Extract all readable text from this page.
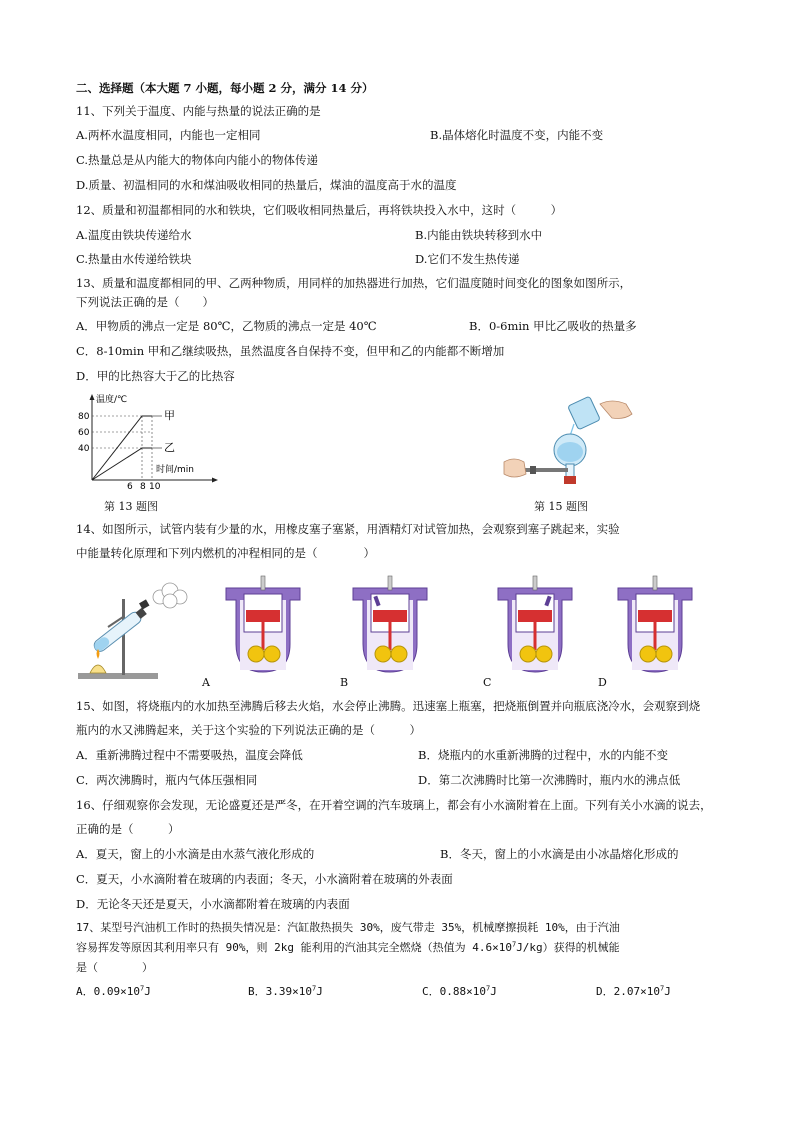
二、选择题（本大题 7 小题，每小题 2 分，满分 14 分）
11、下列关于温度、内能与热量的说法正确的是
A.两杯水温度相同，内能也一定相同	B.晶体熔化时温度不变，内能不变
C.热量总是从内能大的物体向内能小的物体传递
D.质量、初温相同的水和煤油吸收相同的热量后，煤油的温度高于水的温度
12、质量和初温都相同的水和铁块，它们吸收相同热量后，再将铁块投入水中，这时（　　　）
A.温度由铁块传递给水	B.内能由铁块转移到水中
C.热量由水传递给铁块	D.它们不发生热传递
13、质量和温度都相同的甲、乙两种物质，用同样的加热器进行加热，它们温度随时间变化的图象如图所示，
下列说法正确的是（　　）
A．甲物质的沸点一定是 80℃，乙物质的沸点一定是 40℃	B．0-6min 甲比乙吸收的热量多
C．8-10min 甲和乙继续吸热，虽然温度各自保持不变，但甲和乙的内能都不断增加
D．甲的比热容大于乙的比热容
温度/℃
时间/min
80
60
40
6 8 10
甲
乙
第 13 题图	第 15 题图
14、如图所示，试管内装有少量的水，用橡皮塞子塞紧，用酒精灯对试管加热，会观察到塞子跳起来，实验
中能量转化原理和下列内燃机的冲程相同的是（　　　　）
A	B	C	D
15、如图，将烧瓶内的水加热至沸腾后移去火焰，水会停止沸腾。迅速塞上瓶塞，把烧瓶倒置并向瓶底浇冷水，会观察到烧
瓶内的水又沸腾起来，关于这个实验的下列说法正确的是（　　　）
A．重新沸腾过程中不需要吸热，温度会降低	B．烧瓶内的水重新沸腾的过程中，水的内能不变
C．两次沸腾时，瓶内气体压强相同	D．第二次沸腾时比第一次沸腾时，瓶内水的沸点低
16、仔细观察你会发现，无论盛夏还是严冬，在开着空调的汽车玻璃上，都会有小水滴附着在上面。下列有关小水滴的说去，
正确的是（　　　）
A．夏天，窗上的小水滴是由水蒸气液化形成的	B．冬天，窗上的小水滴是由小冰晶熔化形成的
C．夏天，小水滴附着在玻璃的内表面；冬天，小水滴附着在玻璃的外表面
D．无论冬天还是夏天，小水滴都附着在玻璃的内表面
17、某型号汽油机工作时的热损失情况是：汽缸散热损失 30%，废气带走 35%，机械摩擦损耗 10%，由于汽油
容易挥发等原因其利用率只有 90%，则 2kg 能利用的汽油其完全燃烧（热值为 $4.6\times 10^7J/kg$）获得的机械能
是（　　　　）
A．$0.09\times 10^7J$	B．$3.39\times 10^7J$	C．$0.88\times 10^7J$	D．$2.07\times 10^7J$
